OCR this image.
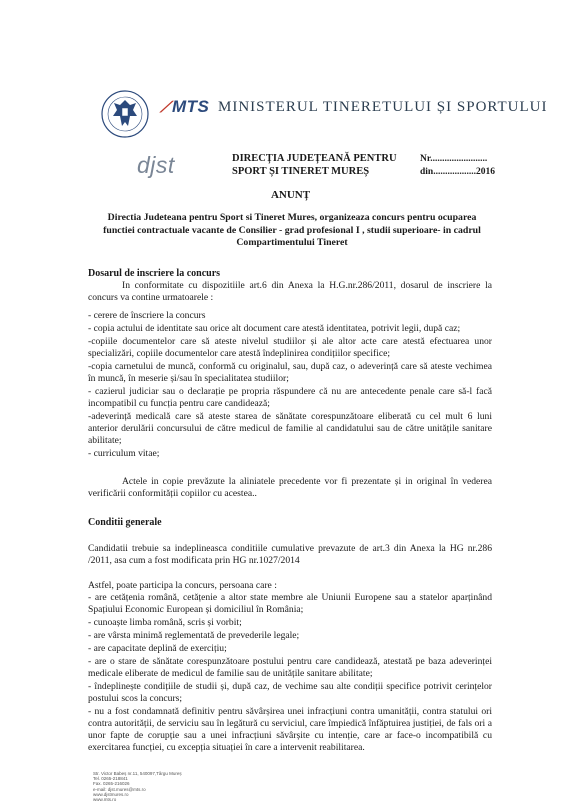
⟋MTS MINISTERUL TINERETULUI ȘI SPORTULUI
djst	DIRECȚIA JUDEȚEANĂ PENTRU
SPORT ȘI TINERET MUREȘ
Nr........................
din..................2016
ANUNȚ
Directia Judeteana pentru Sport si Tineret Mures, organizeaza concurs pentru ocuparea functiei contractuale vacante de Consilier - grad profesional I , studii superioare- in cadrul Compartimentului Tineret
Dosarul de inscriere la concurs
In conformitate cu dispozitiile art.6 din Anexa la H.G.nr.286/2011, dosarul de inscriere la concurs va contine urmatoarele :

- cerere de înscriere la concurs

- copia actului de identitate sau orice alt document care atestă identitatea, potrivit legii, după caz;

-copiile documentelor care să ateste nivelul studiilor și ale altor acte care atestă efectuarea unor specializări, copiile documentelor care atestă îndeplinirea condițiilor specifice;

-copia carnetului de muncă, conformă cu originalul, sau, după caz, o adeverință care să ateste vechimea în muncă, în meserie și/sau în specialitatea studiilor;

- cazierul judiciar sau o declarație pe propria răspundere că nu are antecedente penale care să-l facă incompatibil cu funcția pentru care candidează;

-adeverință medicală care să ateste starea de sănătate corespunzătoare eliberată cu cel mult 6 luni anterior derulării concursului de către medicul de familie al candidatului sau de către unitățile sanitare abilitate;

- curriculum vitae;

Actele in copie prevăzute la aliniatele precedente vor fi prezentate și in original în vederea verificării conformității copiilor cu acestea..
Conditii generale
Candidatii trebuie sa indeplineasca conditiile cumulative prevazute de art.3 din Anexa la HG nr.286 /2011, asa cum a fost modificata prin HG nr.1027/2014
Astfel, poate participa la concurs, persoana care :

- are cetățenia română, cetățenie a altor state membre ale Uniunii Europene sau a statelor aparținând Spațiului Economic European și domiciliul în România;

- cunoaște limba română, scris și vorbit;

- are vârsta minimă reglementată de prevederile legale;

- are capacitate deplină de exercițiu;

- are o stare de sănătate corespunzătoare postului pentru care candidează, atestată pe baza adeverinței medicale eliberate de medicul de familie sau de unitățile sanitare abilitate;

- îndeplinește condițiile de studii și, după caz, de vechime sau alte condiții specifice potrivit cerințelor postului scos la concurs;

- nu a fost condamnată definitiv pentru săvârșirea unei infracțiuni contra umanității, contra statului ori contra autorității, de serviciu sau în legătură cu serviciul, care împiedică înfăptuirea justiției, de fals ori a unor fapte de corupție sau a unei infracțiuni săvârșite cu intenție, care ar face-o incompatibilă cu exercitarea funcției, cu excepția situației în care a intervenit reabilitarea.

Str. Victor Babeș nr.11, 540097,Târgu Mureș
Tel. 0265-218841
Fax. 0265-216026
e-mail: djst.mures@mts.ro
www.djstmures.ro
www.mts.ro
